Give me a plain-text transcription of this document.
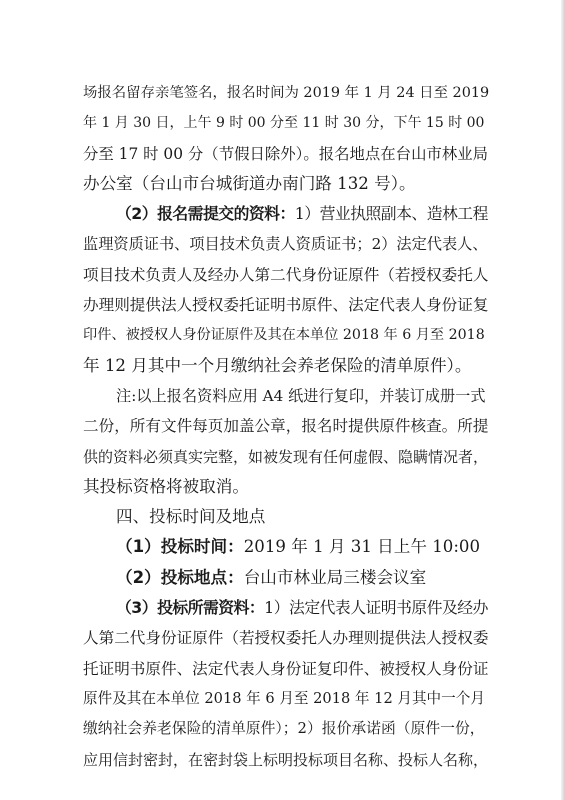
场报名留存亲笔签名，报名时间为 2019 年 1 月 24 日至 2019
年 1 月 30 日，上午 9 时 00 分至 11 时 30 分，下午 15 时 00
分至 17 时 00 分（节假日除外）。报名地点在台山市林业局
办公室（台山市台城街道办南门路 132 号）。
（2）报名需提交的资料：1）营业执照副本、造林工程
监理资质证书、项目技术负责人资质证书；2）法定代表人、
项目技术负责人及经办人第二代身份证原件（若授权委托人
办理则提供法人授权委托证明书原件、法定代表人身份证复
印件、被授权人身份证原件及其在本单位 2018 年 6 月至 2018
年 12 月其中一个月缴纳社会养老保险的清单原件）。
注:以上报名资料应用 A4 纸进行复印，并装订成册一式
二份，所有文件每页加盖公章，报名时提供原件核查。所提
供的资料必须真实完整，如被发现有任何虚假、隐瞒情况者，
其投标资格将被取消。
四、投标时间及地点
（1）投标时间：2019 年 1 月 31 日上午 10:00
（2）投标地点：台山市林业局三楼会议室
（3）投标所需资料：1）法定代表人证明书原件及经办
人第二代身份证原件（若授权委托人办理则提供法人授权委
托证明书原件、法定代表人身份证复印件、被授权人身份证
原件及其在本单位 2018 年 6 月至 2018 年 12 月其中一个月
缴纳社会养老保险的清单原件）；2）报价承诺函（原件一份，
应用信封密封，在密封袋上标明投标项目名称、投标人名称，
